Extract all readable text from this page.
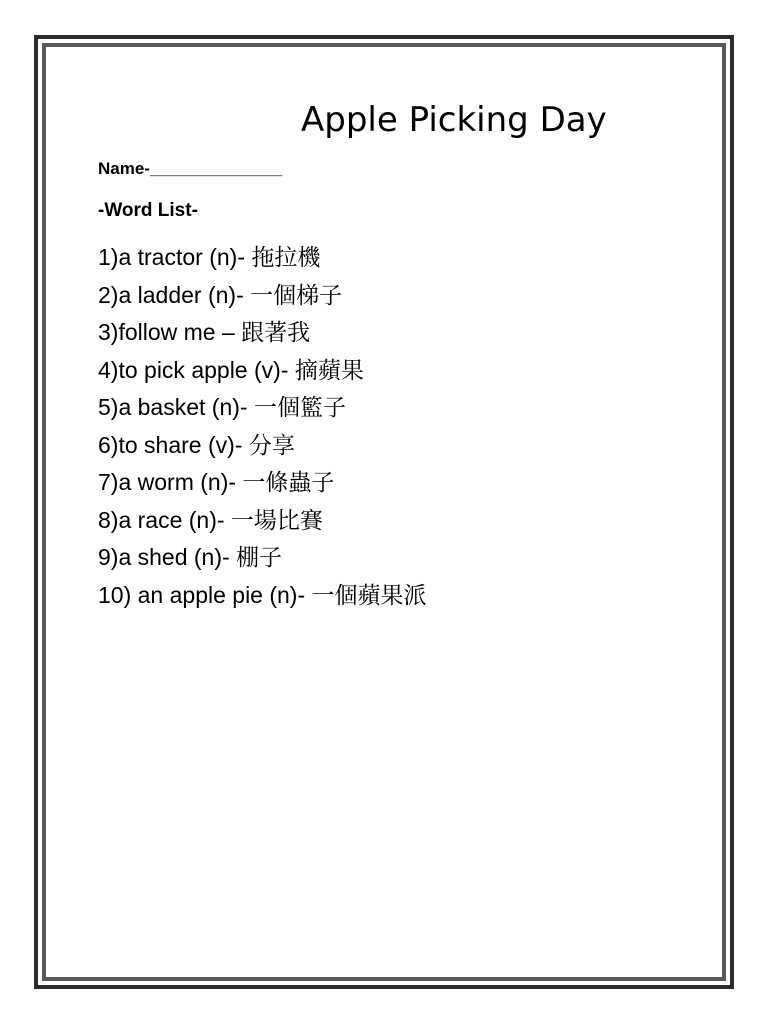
Apple Picking Day
Name-______________
-Word List-
1)a tractor (n)- 拖拉機
2)a ladder (n)- 一個梯子
3)follow me – 跟著我
4)to pick apple (v)- 摘蘋果
5)a basket (n)- 一個籃子
6)to share (v)- 分享
7)a worm (n)- 一條蟲子
8)a race (n)- 一場比賽
9)a shed (n)- 棚子
10) an apple pie (n)- 一個蘋果派
